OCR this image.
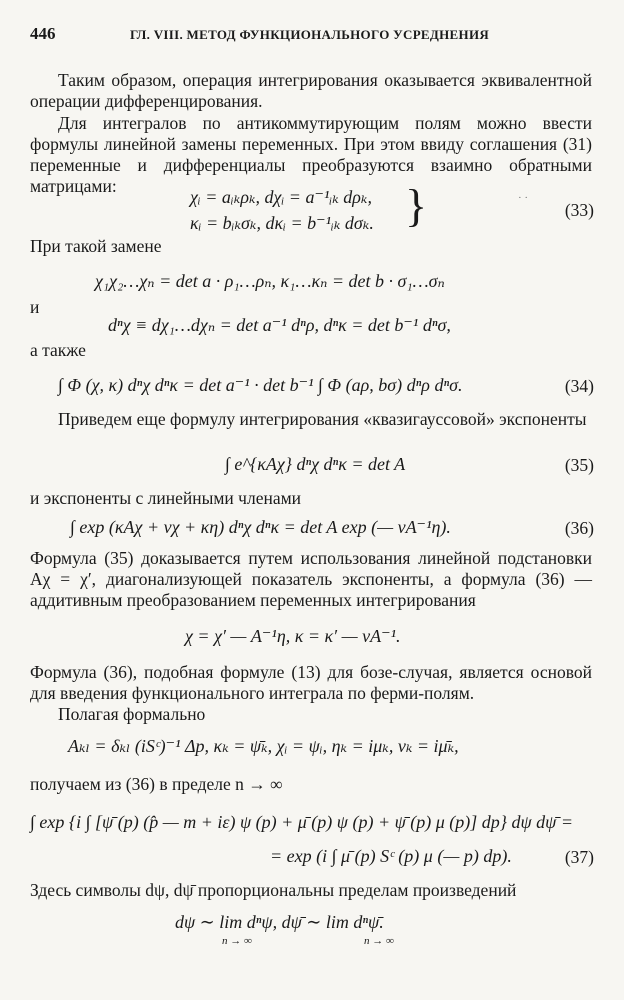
446	ГЛ. VIII. МЕТОД ФУНКЦИОНАЛЬНОГО УСРЕДНЕНИЯ
Таким образом, операция интегрирования оказывается эквивалентной операции дифференцирования.
Для интегралов по антикоммутирующим полям можно ввести формулы линейной замены переменных. При этом ввиду соглашения (31) переменные и дифференциалы преобразуются взаимно обратными матрицами:
χᵢ = aᵢₖρₖ, dχᵢ = a⁻¹ᵢₖ dρₖ,
κᵢ = bᵢₖσₖ, dκᵢ = b⁻¹ᵢₖ dσₖ. }	· ·
(33)
При такой замене
χ₁χ₂…χₙ = det a · ρ₁…ρₙ, κ₁…κₙ = det b · σ₁…σₙ
и
dⁿχ ≡ dχ₁…dχₙ = det a⁻¹ dⁿρ, dⁿκ = det b⁻¹ dⁿσ,
а также
∫ Φ (χ, κ) dⁿχ dⁿκ = det a⁻¹ · det b⁻¹ ∫ Φ (aρ, bσ) dⁿρ dⁿσ.	(34)
Приведем еще формулу интегрирования «квазигауссовой» экспоненты
∫ e^{κAχ} dⁿχ dⁿκ = det A	(35)
и экспоненты с линейными членами
∫ exp (κAχ + νχ + κη) dⁿχ dⁿκ = det A exp (— νA⁻¹η).	(36)
Формула (35) доказывается путем использования линейной подстановки Aχ = χ′, диагонализующей показатель экспоненты, а формула (36) — аддитивным преобразованием переменных интегрирования
χ = χ′ — A⁻¹η, κ = κ′ — νA⁻¹.
Формула (36), подобная формуле (13) для бозе-случая, является основой для введения функционального интеграла по ферми-полям.
Полагая формально
Aₖₗ = δₖₗ (iSᶜ)⁻¹ Δp, κₖ = ψ̄ₖ, χᵢ = ψᵢ, ηₖ = iμₖ, νₖ = iμ̄ₖ,
получаем из (36) в пределе n → ∞
∫ exp {i ∫ [ψ̄ (p) (p̂ — m + iε) ψ (p) + μ̄ (p) ψ (p) + ψ̄ (p) μ (p)] dp} dψ dψ̄ =
= exp (i ∫ μ̄ (p) Sᶜ (p) μ (— p) dp).	(37)
Здесь символы dψ, dψ̄ пропорциональны пределам произведений
dψ ∼ lim dⁿψ, dψ̄ ∼ lim dⁿψ̄.
n → ∞	n → ∞
